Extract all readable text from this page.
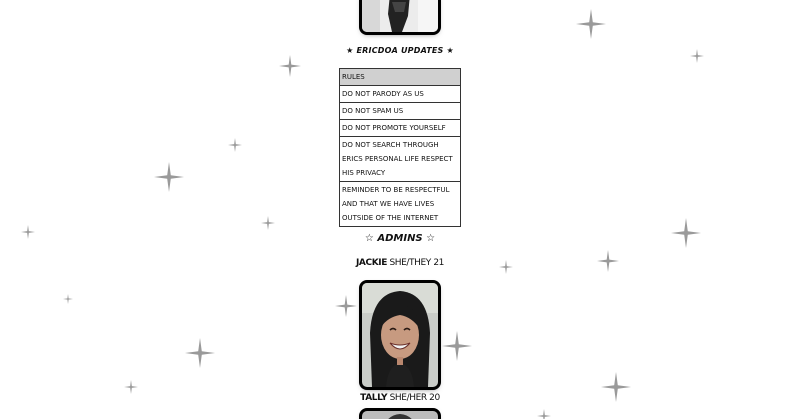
★ ERICDOA UPDATES ★
RULES
DO NOT PARODY AS US
DO NOT SPAM US
DO NOT PROMOTE YOURSELF
DO NOT SEARCH THROUGH ERICS PERSONAL LIFE RESPECT HIS PRIVACY
REMINDER TO BE RESPECTFUL AND THAT WE HAVE LIVES OUTSIDE OF THE INTERNET
☆ ADMINS ☆
JACKIE SHE/THEY 21
TALLY SHE/HER 20
